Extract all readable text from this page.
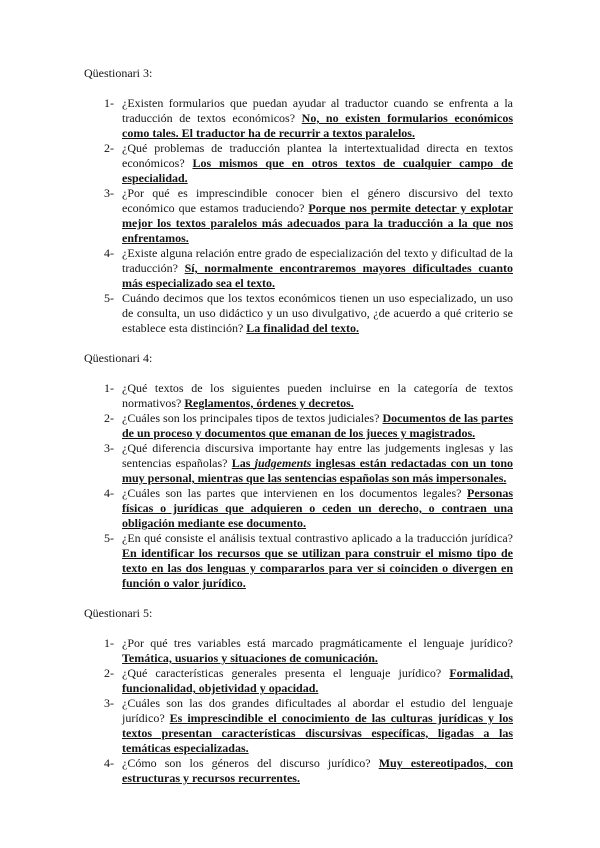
Qüestionari 3:
1- ¿Existen formularios que puedan ayudar al traductor cuando se enfrenta a la traducción de textos económicos? No, no existen formularios económicos como tales. El traductor ha de recurrir a textos paralelos.
2- ¿Qué problemas de traducción plantea la intertextualidad directa en textos económicos? Los mismos que en otros textos de cualquier campo de especialidad.
3- ¿Por qué es imprescindible conocer bien el género discursivo del texto económico que estamos traduciendo? Porque nos permite detectar y explotar mejor los textos paralelos más adecuados para la traducción a la que nos enfrentamos.
4- ¿Existe alguna relación entre grado de especialización del texto y dificultad de la traducción? Sí, normalmente encontraremos mayores dificultades cuanto más especializado sea el texto.
5- Cuándo decimos que los textos económicos tienen un uso especializado, un uso de consulta, un uso didáctico y un uso divulgativo, ¿de acuerdo a qué criterio se establece esta distinción? La finalidad del texto.
Qüestionari 4:
1- ¿Qué textos de los siguientes pueden incluirse en la categoría de textos normativos? Reglamentos, órdenes y decretos.
2- ¿Cuáles son los principales tipos de textos judiciales? Documentos de las partes de un proceso y documentos que emanan de los jueces y magistrados.
3- ¿Qué diferencia discursiva importante hay entre las judgements inglesas y las sentencias españolas? Las judgements inglesas están redactadas con un tono muy personal, mientras que las sentencias españolas son más impersonales.
4- ¿Cuáles son las partes que intervienen en los documentos legales? Personas físicas o jurídicas que adquieren o ceden un derecho, o contraen una obligación mediante ese documento.
5- ¿En qué consiste el análisis textual contrastivo aplicado a la traducción jurídica? En identificar los recursos que se utilizan para construir el mismo tipo de texto en las dos lenguas y compararlos para ver si coinciden o divergen en función o valor jurídico.
Qüestionari 5:
1- ¿Por qué tres variables está marcado pragmáticamente el lenguaje jurídico? Temática, usuarios y situaciones de comunicación.
2- ¿Qué características generales presenta el lenguaje jurídico? Formalidad, funcionalidad, objetividad y opacidad.
3- ¿Cuáles son las dos grandes dificultades al abordar el estudio del lenguaje jurídico? Es imprescindible el conocimiento de las culturas jurídicas y los textos presentan características discursivas específicas, ligadas a las temáticas especializadas.
4- ¿Cómo son los géneros del discurso jurídico? Muy estereotipados, con estructuras y recursos recurrentes.
